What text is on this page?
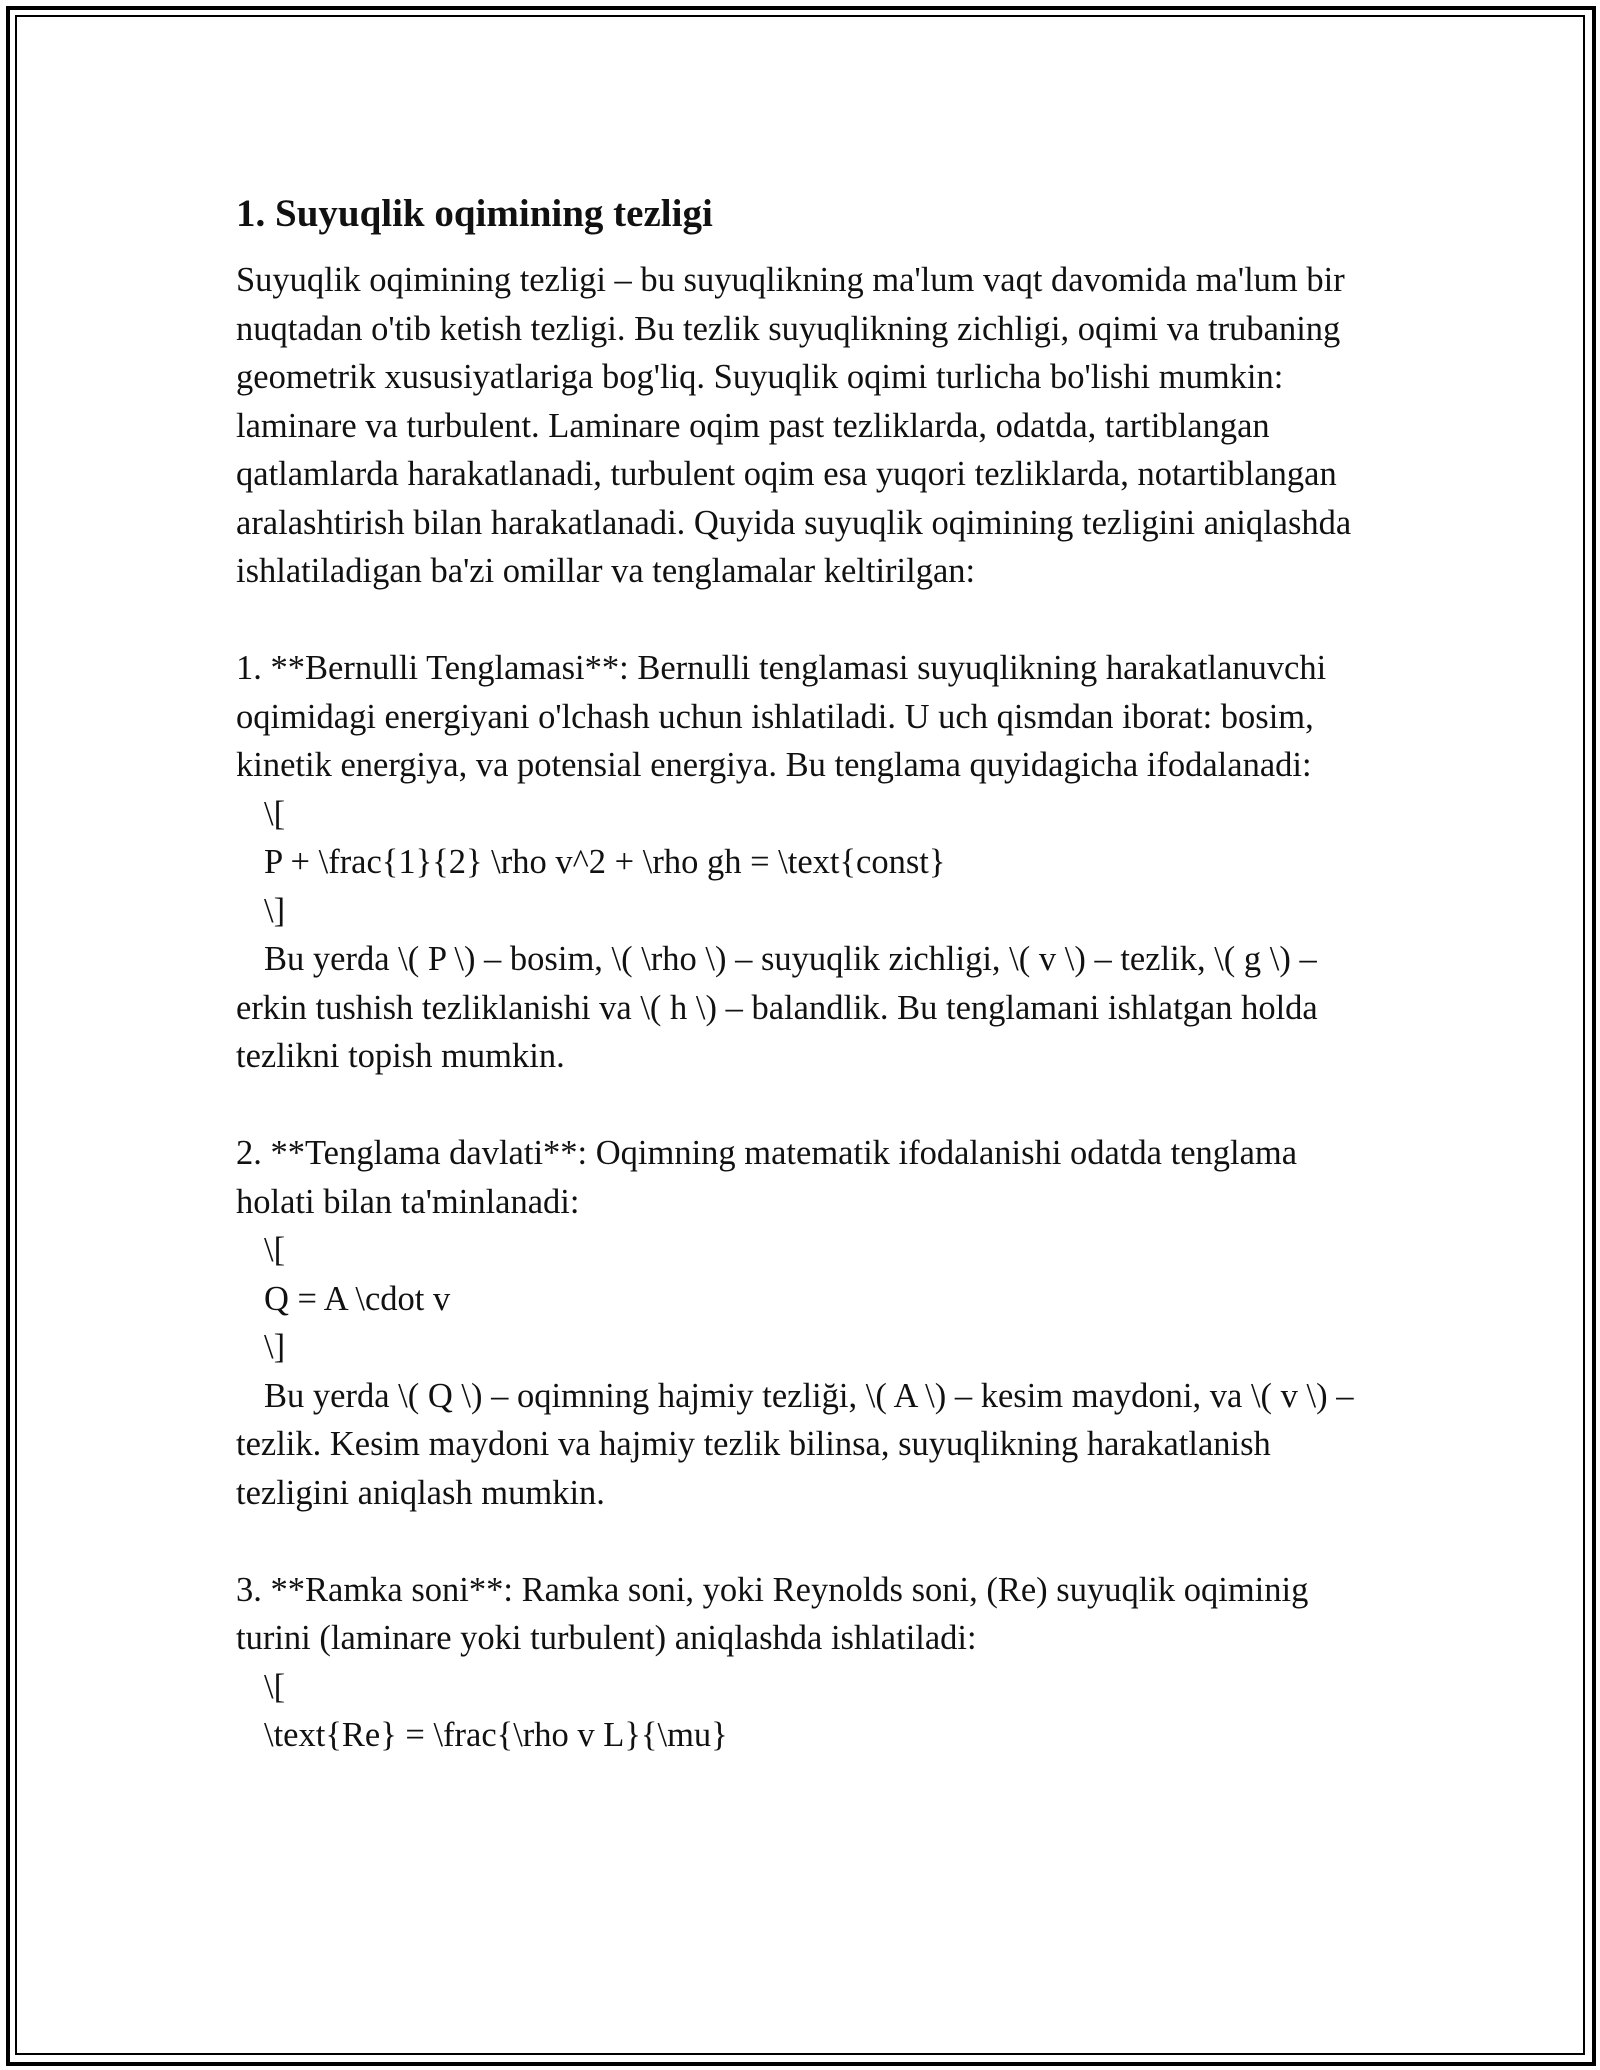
1. Suyuqlik oqimining tezligi

Suyuqlik oqimining tezligi – bu suyuqlikning ma'lum vaqt davomida ma'lum bir nuqtadan o'tib ketish tezligi. Bu tezlik suyuqlikning zichligi, oqimi va trubaning geometrik xususiyatlariga bog'liq. Suyuqlik oqimi turlicha bo'lishi mumkin: laminare va turbulent. Laminare oqim past tezliklarda, odatda, tartiblangan qatlamlarda harakatlanadi, turbulent oqim esa yuqori tezliklarda, notartiblangan aralashtirish bilan harakatlanadi. Quyida suyuqlik oqimining tezligini aniqlashda ishlatiladigan ba'zi omillar va tenglamalar keltirilgan:

1. **Bernulli Tenglamasi**: Bernulli tenglamasi suyuqlikning harakatlanuvchi oqimidagi energiyani o'lchash uchun ishlatiladi. U uch qismdan iborat: bosim, kinetik energiya, va potensial energiya. Bu tenglama quyidagicha ifodalanadi:
\[
P + \frac{1}{2} \rho v^2 + \rho gh = \text{const}
\]
Bu yerda \( P \) – bosim, \( \rho \) – suyuqlik zichligi, \( v \) – tezlik, \( g \) – erkin tushish tezliklanishi va \( h \) – balandlik. Bu tenglamani ishlatgan holda tezlikni topish mumkin.
2. **Tenglama davlati**: Oqimning matematik ifodalanishi odatda tenglama holati bilan ta'minlanadi:
\[
Q = A \cdot v
\]
Bu yerda \( Q \) – oqimning hajmiy tezliği, \( A \) – kesim maydoni, va \( v \) – tezlik. Kesim maydoni va hajmiy tezlik bilinsa, suyuqlikning harakatlanish tezligini aniqlash mumkin.
3. **Ramka soni**: Ramka soni, yoki Reynolds soni, (Re) suyuqlik oqiminig turini (laminare yoki turbulent) aniqlashda ishlatiladi:
\[
\text{Re} = \frac{\rho v L}{\mu}
